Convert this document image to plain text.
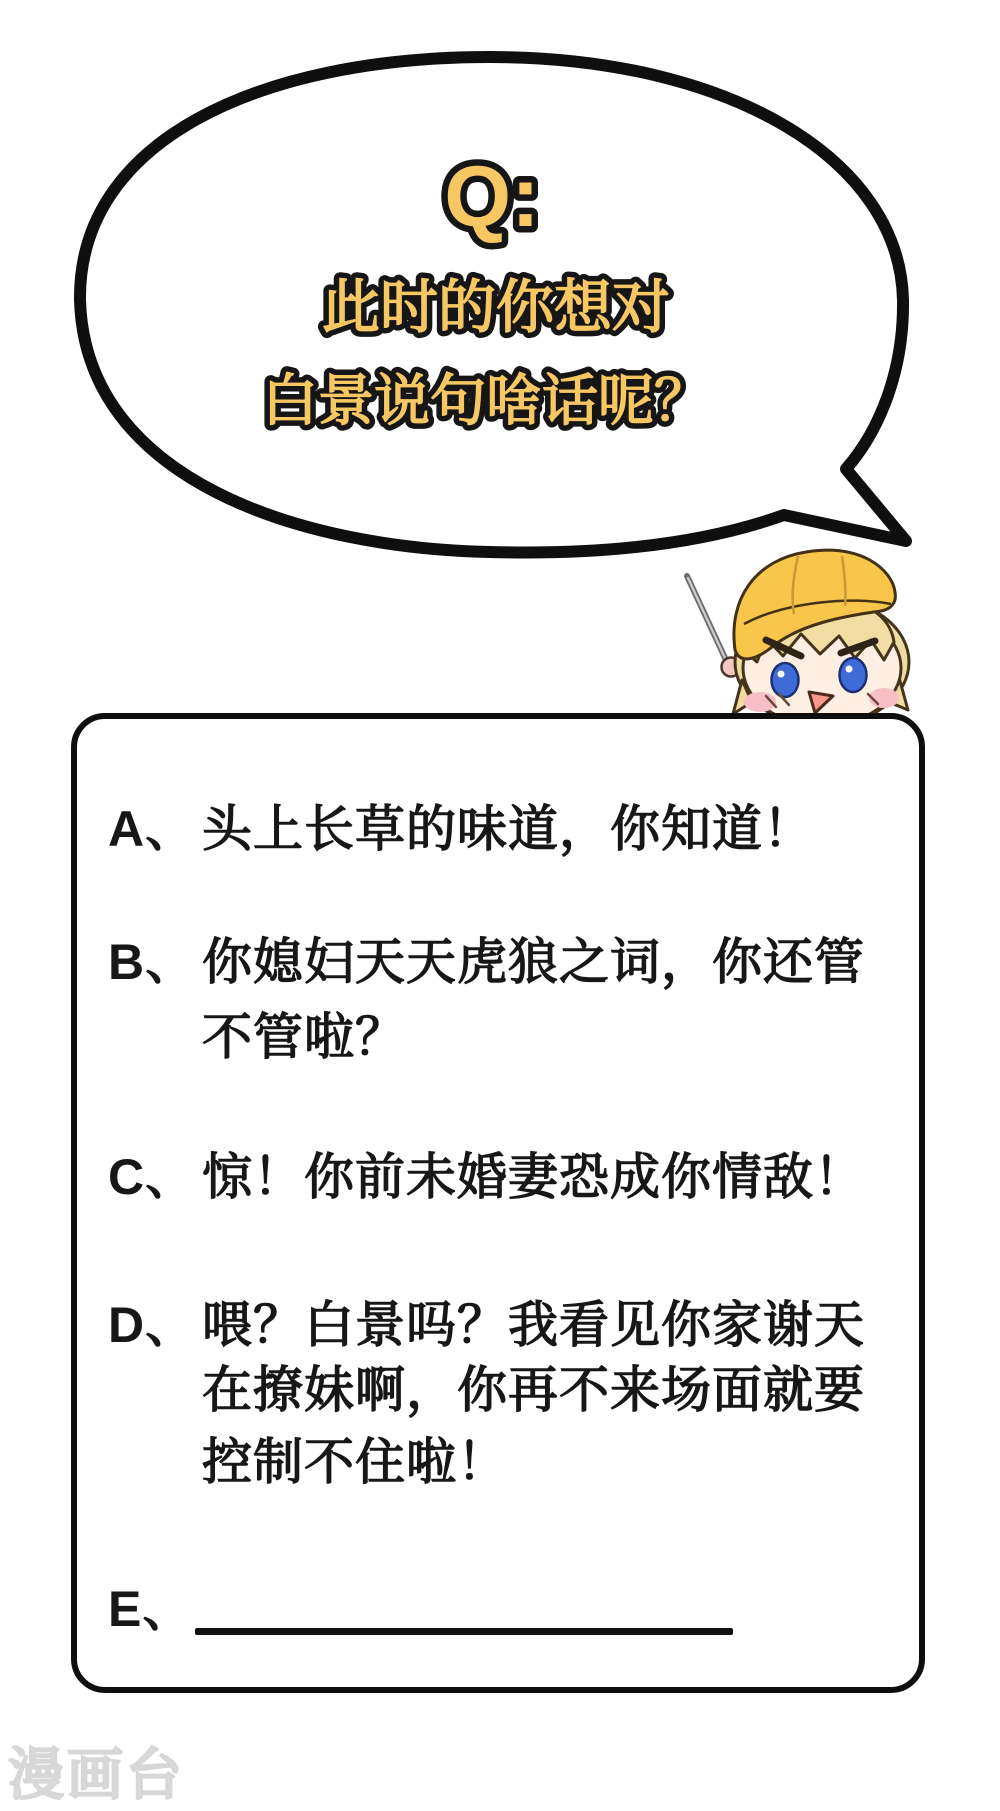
Q:
此时的你想对
白景说句啥话呢？
A、 头上长草的味道，你知道！
B、 你媳妇天天虎狼之词，你还管
不管啦？
C、 惊！你前未婚妻恐成你情敌！
D、 喂？白景吗？我看见你家谢天
在撩妹啊，你再不来场面就要
控制不住啦！
E、
漫画台
